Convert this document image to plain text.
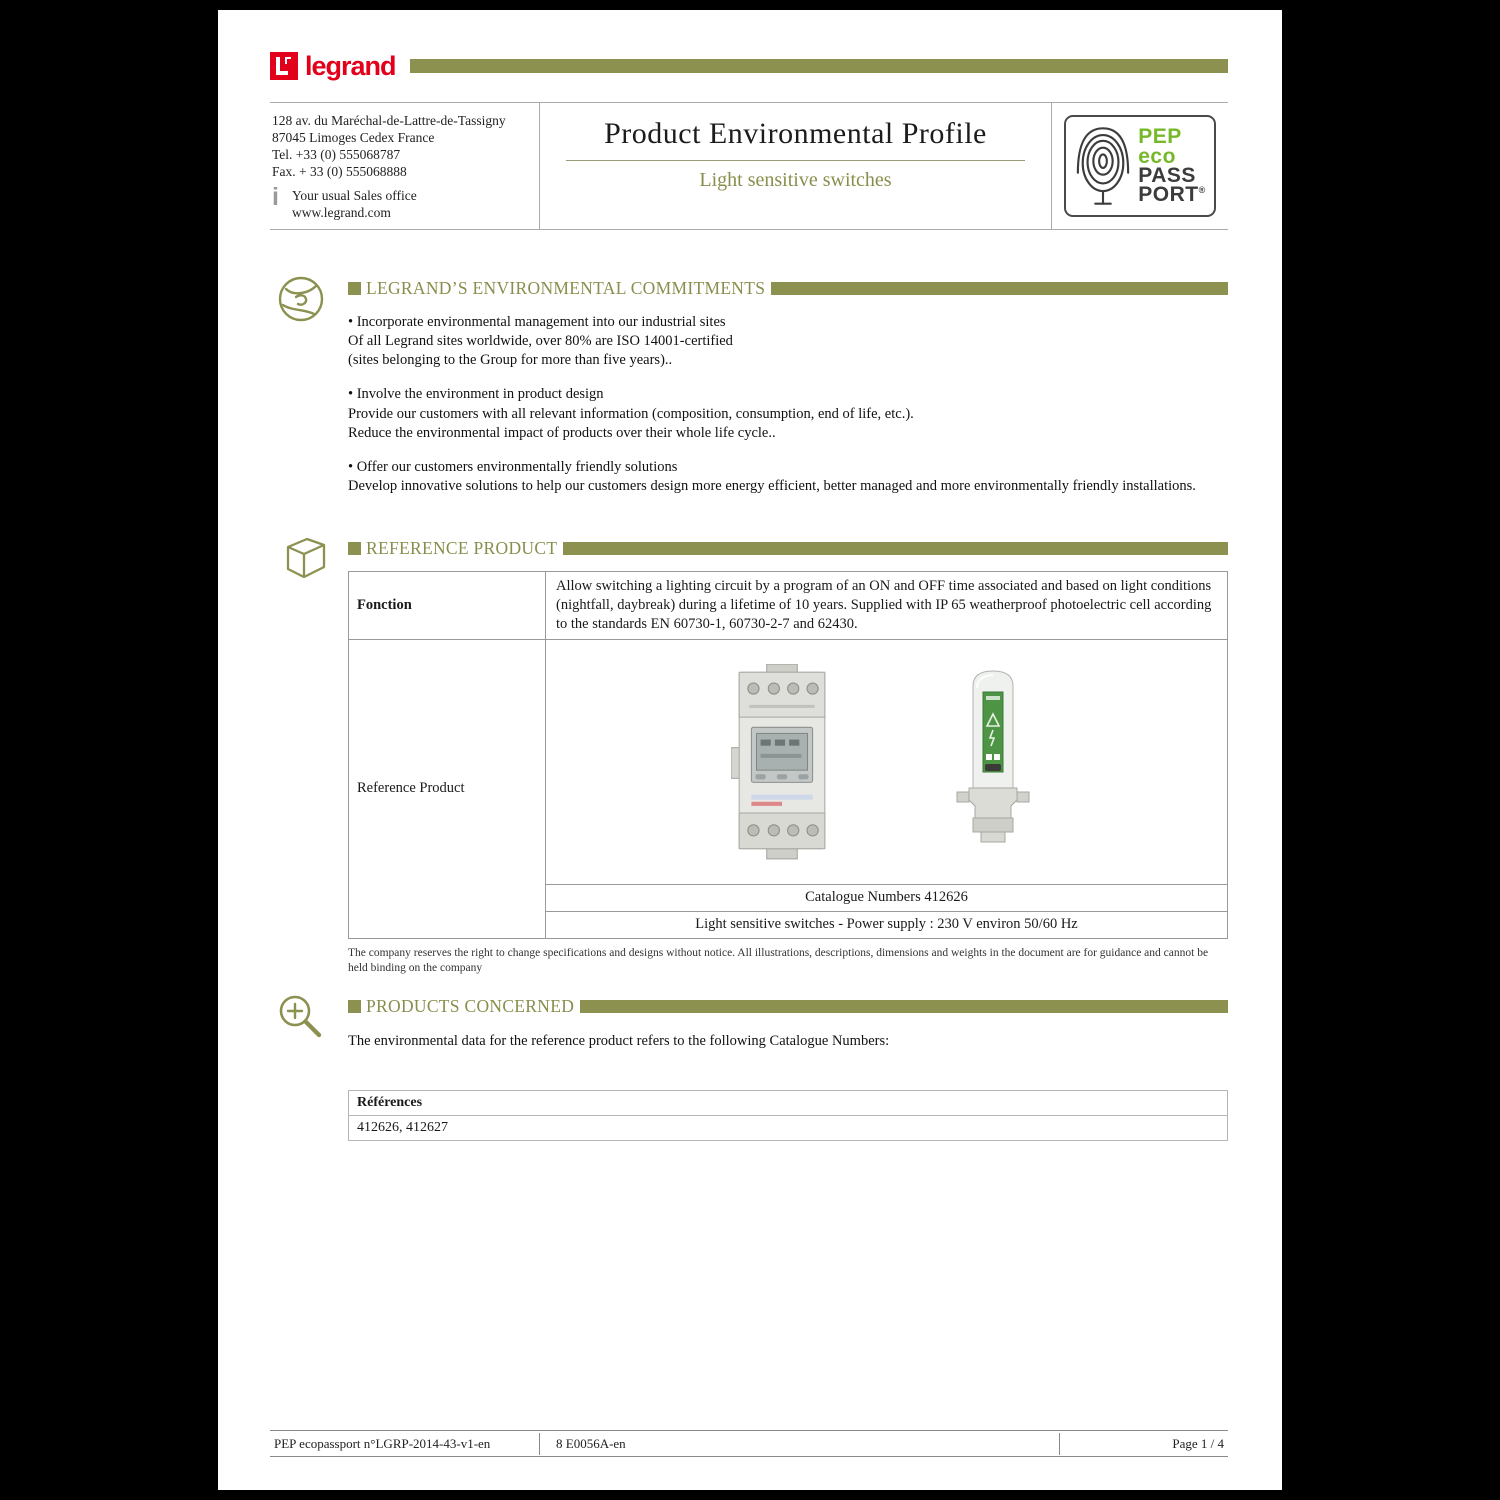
legrand
128 av. du Maréchal-de-Lattre-de-Tassigny
87045 Limoges Cedex France
Tel. +33 (0) 555068787
Fax. + 33 (0) 555068888
i Your usual Sales office
www.legrand.com
Product Environmental Profile
Light sensitive switches
PEP
eco
PASS
PORT®
LEGRAND’S ENVIRONMENTAL COMMITMENTS
• Incorporate environmental management into our industrial sites
Of all Legrand sites worldwide, over 80% are ISO 14001-certified
(sites belonging to the Group for more than five years)..
• Involve the environment in product design
Provide our customers with all relevant information (composition, consumption, end of life, etc.).
Reduce the environmental impact of products over their whole life cycle..
• Offer our customers environmentally friendly solutions
Develop innovative solutions to help our customers design more energy efficient, better managed and more environmentally friendly installations.
REFERENCE PRODUCT
Fonction	Allow switching a lighting circuit by a program of an ON and OFF time associated and based on light conditions (nightfall, daybreak) during a lifetime of 10 years. Supplied with IP 65 weatherproof photoelectric cell according to the standards EN 60730-1, 60730-2-7 and 62430.
Reference Product	

	Catalogue Numbers 412626
	Light sensitive switches - Power supply : 230 V environ 50/60 Hz
The company reserves the right to change specifications and designs without notice. All illustrations, descriptions, dimensions and weights in the document are for guidance and cannot be held binding on the company
PRODUCTS CONCERNED
The environmental data for the reference product refers to the following Catalogue Numbers:
Références
412626, 412627
PEP ecopassport n°LGRP-2014-43-v1-en	8 E0056A-en	Page 1 / 4
